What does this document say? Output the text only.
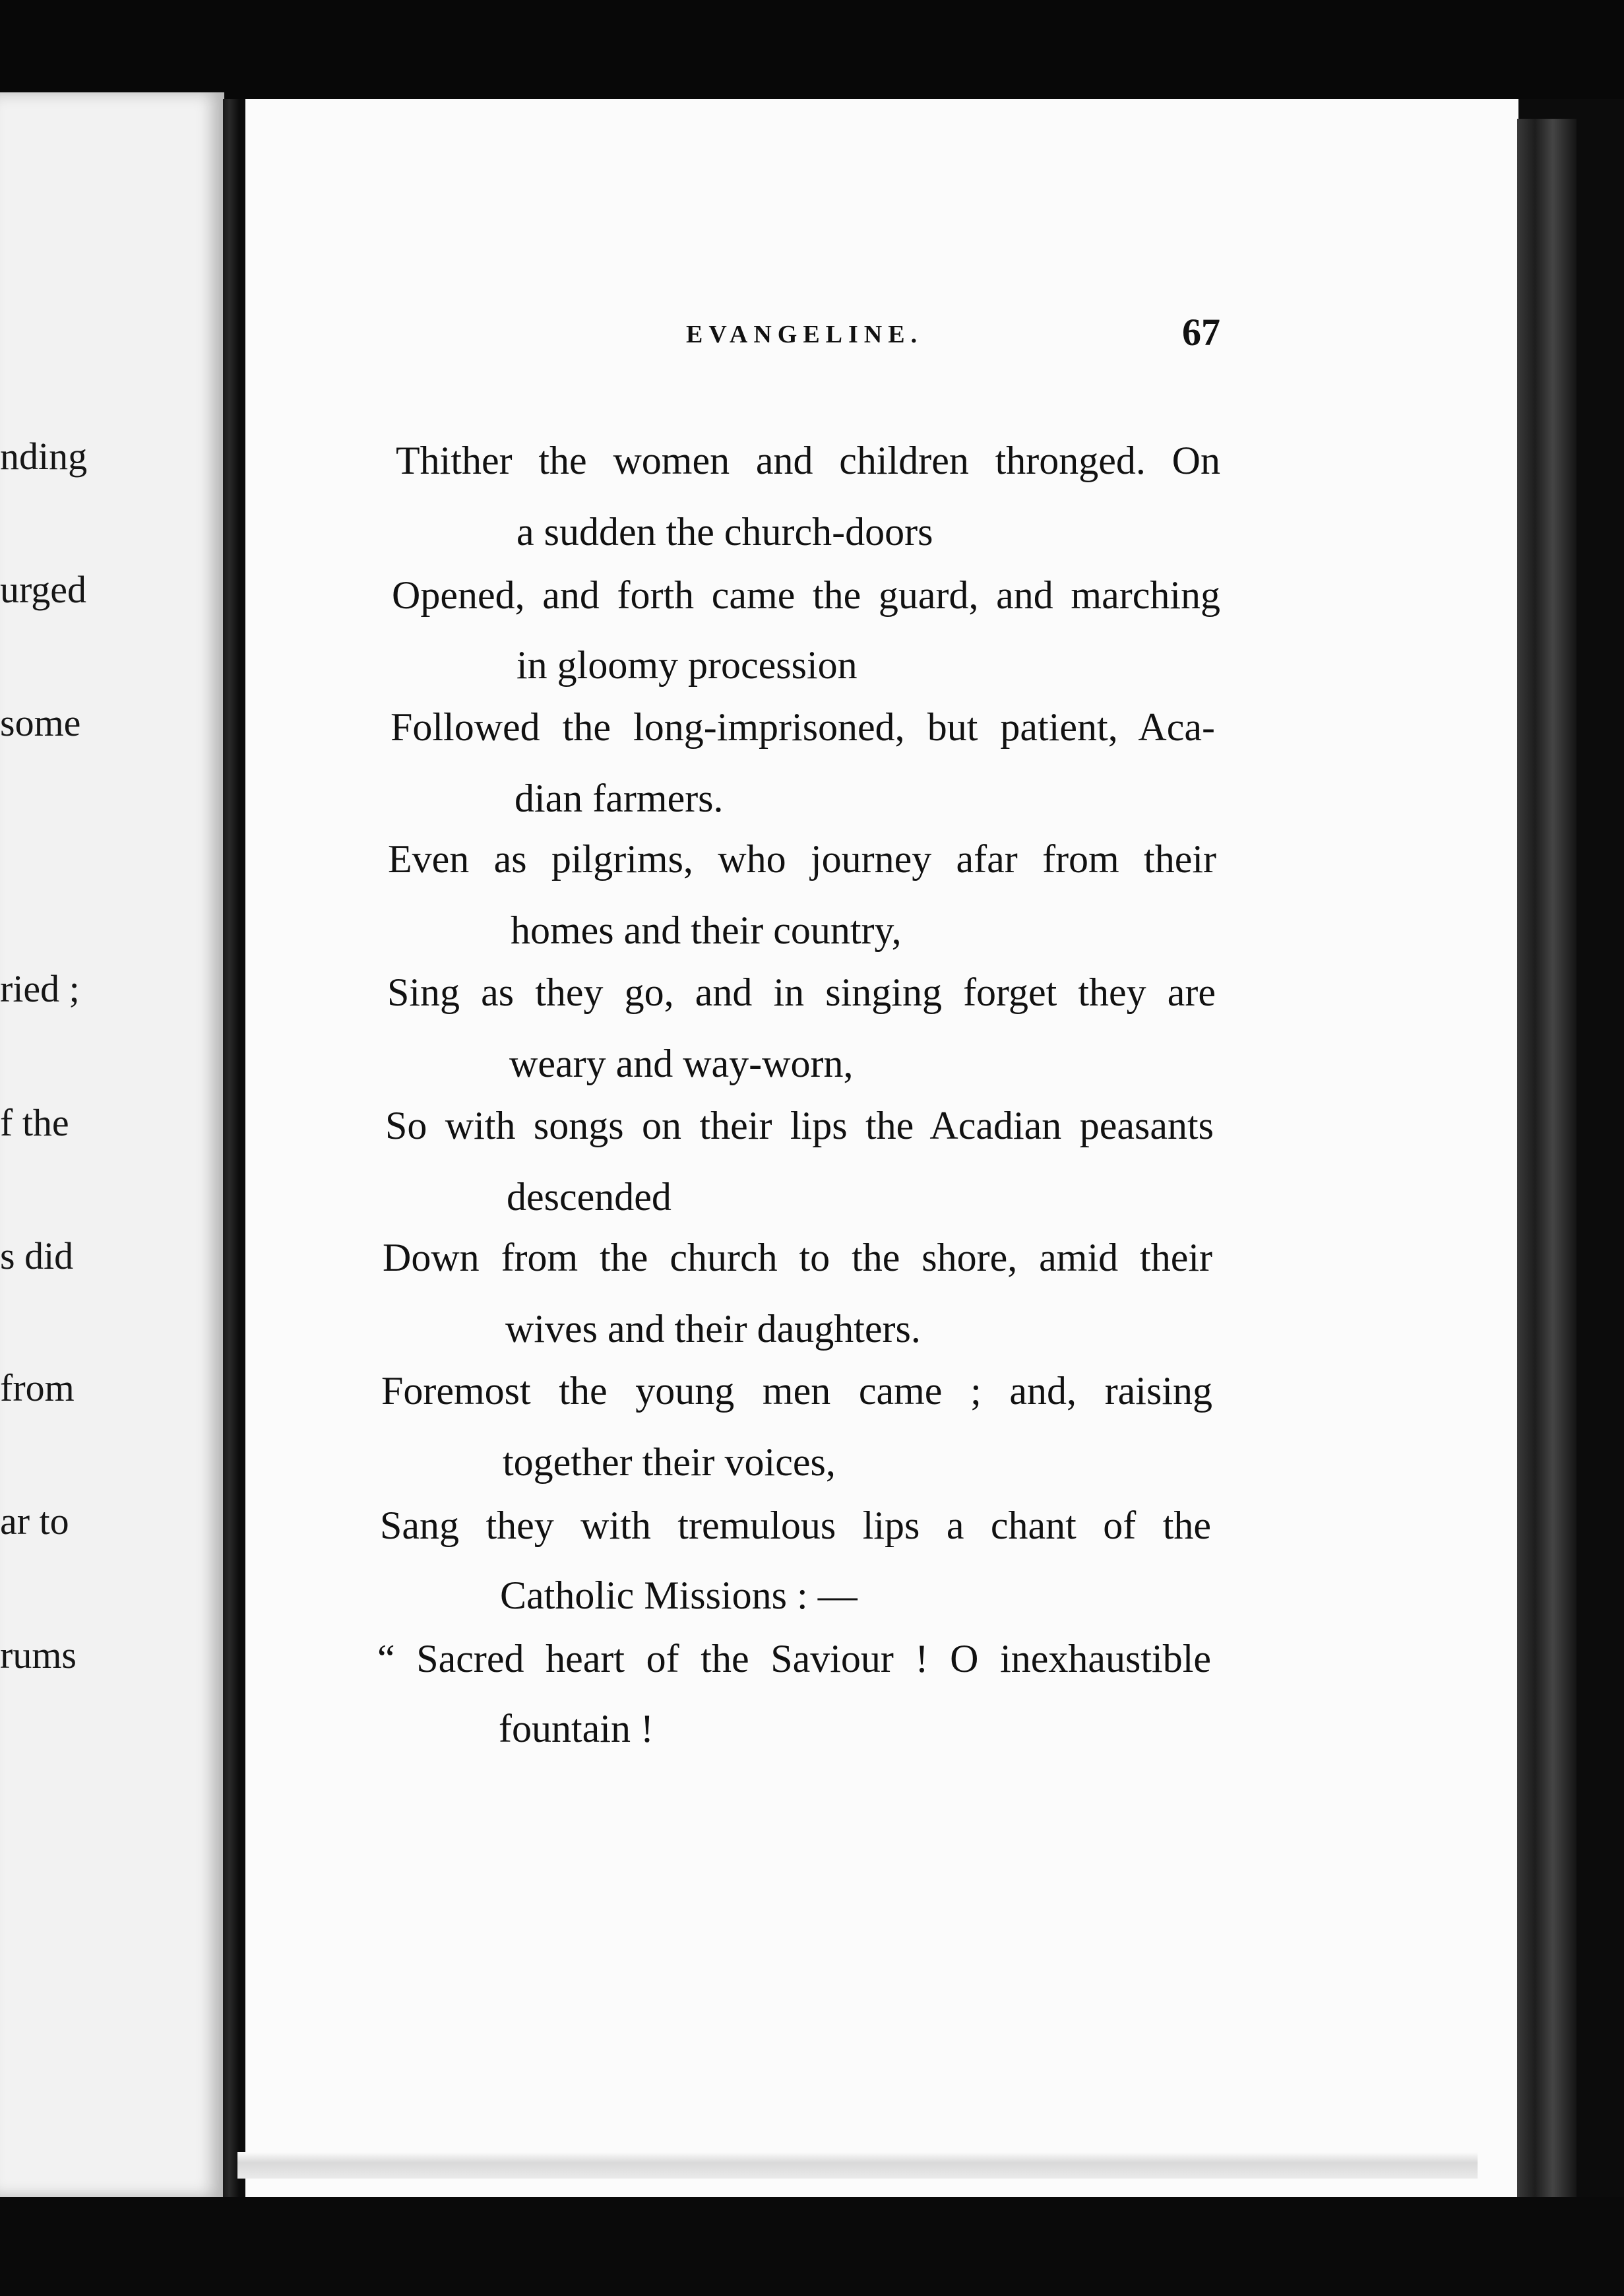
nding
urged
some
ried ;
f the
s did
from
ar to
rums
EVANGELINE.	67
Thither the women and children thronged. On
a sudden the church-doors
Opened, and forth came the guard, and marching
in gloomy procession
Followed the long-imprisoned, but patient, Aca-
dian farmers.
Even as pilgrims, who journey afar from their
homes and their country,
Sing as they go, and in singing forget they are
weary and way-worn,
So with songs on their lips the Acadian peasants
descended
Down from the church to the shore, amid their
wives and their daughters.
Foremost the young men came ; and, raising
together their voices,
Sang they with tremulous lips a chant of the
Catholic Missions : —
“ Sacred heart of the Saviour ! O inexhaustible
fountain !
